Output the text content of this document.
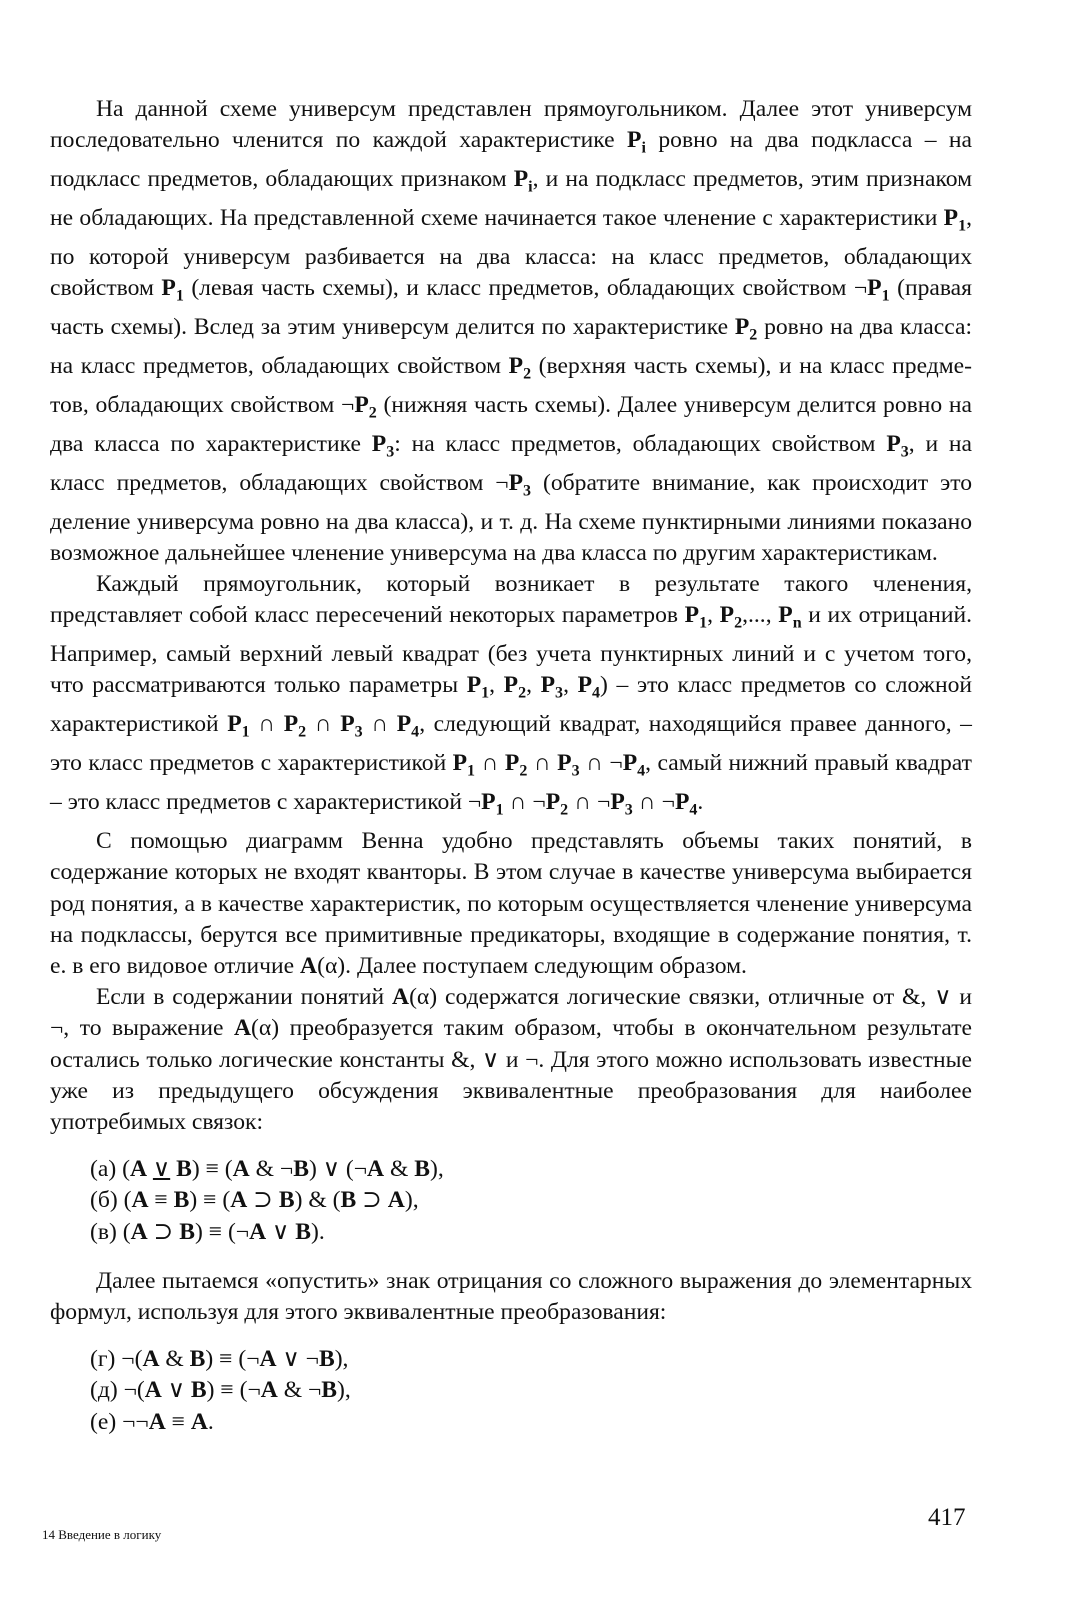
На данной схеме универсум представлен прямоугольником. Далее этот универсум последовательно членится по каждой характеристике $P_i$ ровно на два подкласса – на подкласс предметов, обладающих признаком $P_i$, и на подкласс предметов, этим признаком не обладающих. На представленной схеме начинается такое членение с характеристики $P_1$, по которой универсум разбивается на два класса: на класс предметов, обладающих свойством $P_1$ (левая часть схемы), и класс предметов, обладающих свойством $\neg P_1$ (правая часть схемы). Вслед за этим универсум делится по характеристике $P_2$ ровно на два класса: на класс предметов, обладающих свойством $P_2$ (верхняя часть схемы), и на класс предметов, обладающих свойством $\neg P_2$ (нижняя часть схемы). Далее универсум делится ровно на два класса по характеристике $P_3$: на класс предметов, обладающих свойством $P_3$, и на класс предметов, обладающих свойством $\neg P_3$ (обратите внимание, как происходит это деление универсума ровно на два класса), и т. д. На схеме пунктирными линиями показано возможное дальнейшее членение универсума на два класса по другим характеристикам.

Каждый прямоугольник, который возникает в результате такого членения, представляет собой класс пересечений некоторых параметров $P_1$, $P_2$,..., $P_n$ и их отрицаний. Например, самый верхний левый квадрат (без учета пунктирных линий и с учетом того, что рассматриваются только параметры $P_1$, $P_2$, $P_3$, $P_4$) – это класс предметов со сложной характеристикой $P_1$ ∩ $P_2$ ∩ $P_3$ ∩ $P_4$, следующий квадрат, находящийся правее данного, – это класс предметов с характеристикой $P_1$ ∩ $P_2$ ∩ $P_3$ ∩ $\neg P_4$, самый нижний правый квадрат – это класс предметов с характеристикой $\neg P_1$ ∩ $\neg P_2$ ∩ $\neg P_3$ ∩ $\neg P_4$.

С помощью диаграмм Венна удобно представлять объемы таких понятий, в содержание которых не входят кванторы. В этом случае в качестве универсума выбирается род понятия, а в качестве характеристик, по которым осуществляется членение универсума на подклассы, берутся все примитивные предикаторы, входящие в содержание понятия, т. е. в его видовое отличие A(α). Далее поступаем следующим образом.

Если в содержании понятий A(α) содержатся логические связки, отличные от &, ∨ и ¬, то выражение A(α) преобразуется таким образом, чтобы в окончательном результате остались только логические константы &, ∨ и ¬. Для этого можно использовать известные уже из предыдущего обсуждения эквивалентные преобразования для наиболее употребимых связок:

(а) (A ∨ B) ≡ (A & ¬B) ∨ (¬A & B),
(б) (A ≡ B) ≡ (A ⊃ B) & (B ⊃ A),
(в) (A ⊃ B) ≡ (¬A ∨ B).

Далее пытаемся «опустить» знак отрицания со сложного выражения до элементарных формул, используя для этого эквивалентные преобразования:

(г) ¬(A & B) ≡ (¬A ∨ ¬B),
(д) ¬(A ∨ B) ≡ (¬A & ¬B),
(е) ¬¬A ≡ A.
14 Введение в логику
417
